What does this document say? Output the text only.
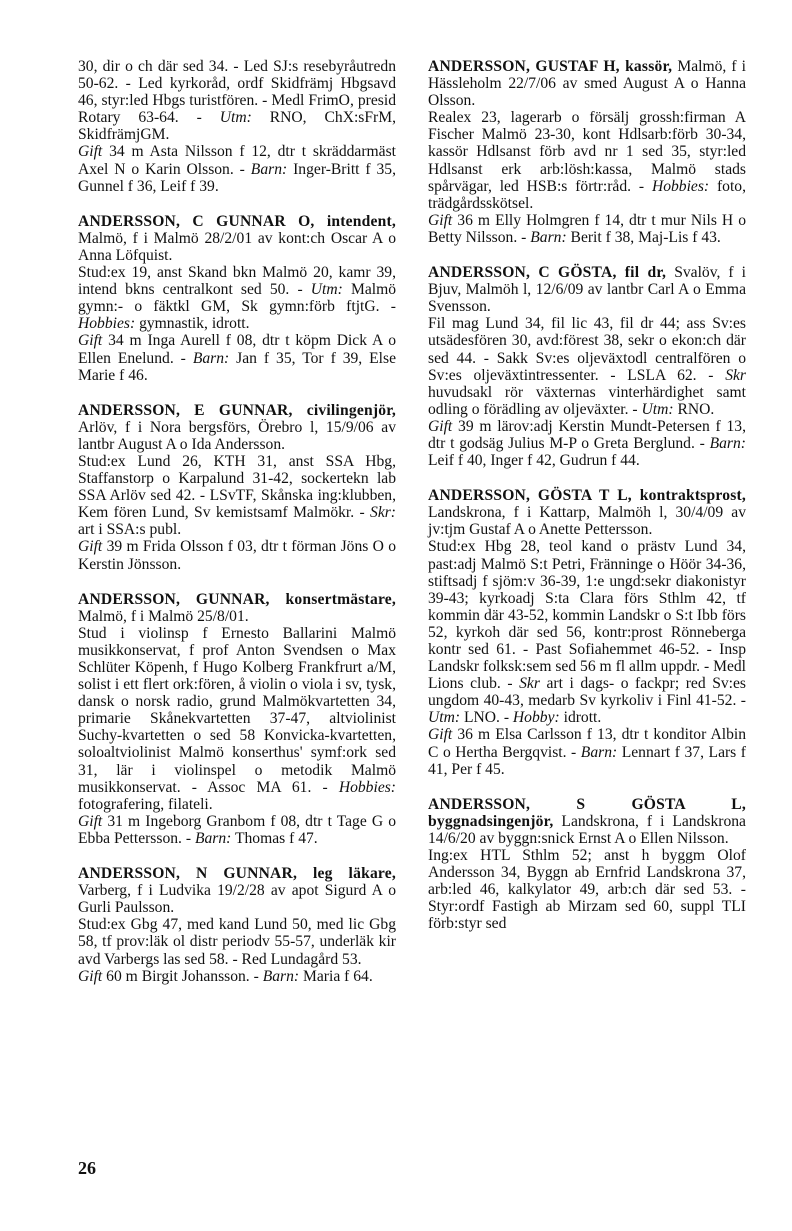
30, dir o ch där sed 34. - Led SJ:s resebyråutredn 50-62. - Led kyrkoråd, ordf Skidfrämj Hbgsavd 46, styr:led Hbgs turistfören. - Medl FrimO, presid Rotary 63-64. - Utm: RNO, ChX:sFrM, SkidfrämjGM.

Gift 34 m Asta Nilsson f 12, dtr t skräddarmäst Axel N o Karin Olsson. - Barn: Inger-Britt f 35, Gunnel f 36, Leif f 39.

ANDERSSON, C GUNNAR O, intendent, Malmö, f i Malmö 28/2/01 av kont:ch Oscar A o Anna Löfquist.

Stud:ex 19, anst Skand bkn Malmö 20, kamr 39, intend bkns centralkont sed 50. - Utm: Malmö gymn:- o fäktkl GM, Sk gymn:förb ftjtG. - Hobbies: gymnastik, idrott.

Gift 34 m Inga Aurell f 08, dtr t köpm Dick A o Ellen Enelund. - Barn: Jan f 35, Tor f 39, Else Marie f 46.

ANDERSSON, E GUNNAR, civilingenjör, Arlöv, f i Nora bergsförs, Örebro l, 15/9/06 av lantbr August A o Ida Andersson.

Stud:ex Lund 26, KTH 31, anst SSA Hbg, Staffanstorp o Karpalund 31-42, sockertekn lab SSA Arlöv sed 42. - LSvTF, Skånska ing:klubben, Kem fören Lund, Sv kemistsamf Malmökr. - Skr: art i SSA:s publ.

Gift 39 m Frida Olsson f 03, dtr t förman Jöns O o Kerstin Jönsson.

ANDERSSON, GUNNAR, konsertmästare, Malmö, f i Malmö 25/8/01.

Stud i violinsp f Ernesto Ballarini Malmö musikkonservat, f prof Anton Svendsen o Max Schlüter Köpenh, f Hugo Kolberg Frankfrurt a/M, solist i ett flert ork:fören, å violin o viola i sv, tysk, dansk o norsk radio, grund Malmökvartetten 34, primarie Skånekvartetten 37-47, altviolinist Suchy-kvartetten o sed 58 Konvicka-kvartetten, soloaltviolinist Malmö konserthus' symf:ork sed 31, lär i violinspel o metodik Malmö musikkonservat. - Assoc MA 61. - Hobbies: fotografering, filateli.

Gift 31 m Ingeborg Granbom f 08, dtr t Tage G o Ebba Pettersson. - Barn: Thomas f 47.

ANDERSSON, N GUNNAR, leg läkare, Varberg, f i Ludvika 19/2/28 av apot Sigurd A o Gurli Paulsson.

Stud:ex Gbg 47, med kand Lund 50, med lic Gbg 58, tf prov:läk ol distr periodv 55-57, underläk kir avd Varbergs las sed 58. - Red Lundagård 53.

Gift 60 m Birgit Johansson. - Barn: Maria f 64.

ANDERSSON, GUSTAF H, kassör, Malmö, f i Hässleholm 22/7/06 av smed August A o Hanna Olsson.

Realex 23, lagerarb o försälj grossh:firman A Fischer Malmö 23-30, kont Hdlsarb:förb 30-34, kassör Hdlsanst förb avd nr 1 sed 35, styr:led Hdlsanst erk arb:lösh:kassa, Malmö stads spårvägar, led HSB:s förtr:råd. - Hobbies: foto, trädgårdsskötsel.

Gift 36 m Elly Holmgren f 14, dtr t mur Nils H o Betty Nilsson. - Barn: Berit f 38, Maj-Lis f 43.

ANDERSSON, C GÖSTA, fil dr, Svalöv, f i Bjuv, Malmöh l, 12/6/09 av lantbr Carl A o Emma Svensson.

Fil mag Lund 34, fil lic 43, fil dr 44; ass Sv:es utsädesfören 30, avd:förest 38, sekr o ekon:ch där sed 44. - Sakk Sv:es oljeväxtodl centralfören o Sv:es oljeväxtintressenter. - LSLA 62. - Skr huvudsakl rör växternas vinterhärdighet samt odling o förädling av oljeväxter. - Utm: RNO.

Gift 39 m lärov:adj Kerstin Mundt-Petersen f 13, dtr t godsäg Julius M-P o Greta Berglund. - Barn: Leif f 40, Inger f 42, Gudrun f 44.

ANDERSSON, GÖSTA T L, kontraktsprost, Landskrona, f i Kattarp, Malmöh l, 30/4/09 av jv:tjm Gustaf A o Anette Pettersson.

Stud:ex Hbg 28, teol kand o prästv Lund 34, past:adj Malmö S:t Petri, Fränninge o Höör 34-36, stiftsadj f sjöm:v 36-39, 1:e ungd:sekr diakonistyr 39-43; kyrkoadj S:ta Clara förs Sthlm 42, tf kommin där 43-52, kommin Landskr o S:t Ibb förs 52, kyrkoh där sed 56, kontr:prost Rönneberga kontr sed 61. - Past Sofiahemmet 46-52. - Insp Landskr folksk:sem sed 56 m fl allm uppdr. - Medl Lions club. - Skr art i dags- o fackpr; red Sv:es ungdom 40-43, medarb Sv kyrkoliv i Finl 41-52. - Utm: LNO. - Hobby: idrott.

Gift 36 m Elsa Carlsson f 13, dtr t konditor Albin C o Hertha Bergqvist. - Barn: Lennart f 37, Lars f 41, Per f 45.

ANDERSSON, S GÖSTA L, byggnadsingenjör, Landskrona, f i Landskrona 14/6/20 av byggn:snick Ernst A o Ellen Nilsson.

Ing:ex HTL Sthlm 52; anst h byggm Olof Andersson 34, Byggn ab Ernfrid Landskrona 37, arb:led 46, kalkylator 49, arb:ch där sed 53. - Styr:ordf Fastigh ab Mirzam sed 60, suppl TLI förb:styr sed

26
